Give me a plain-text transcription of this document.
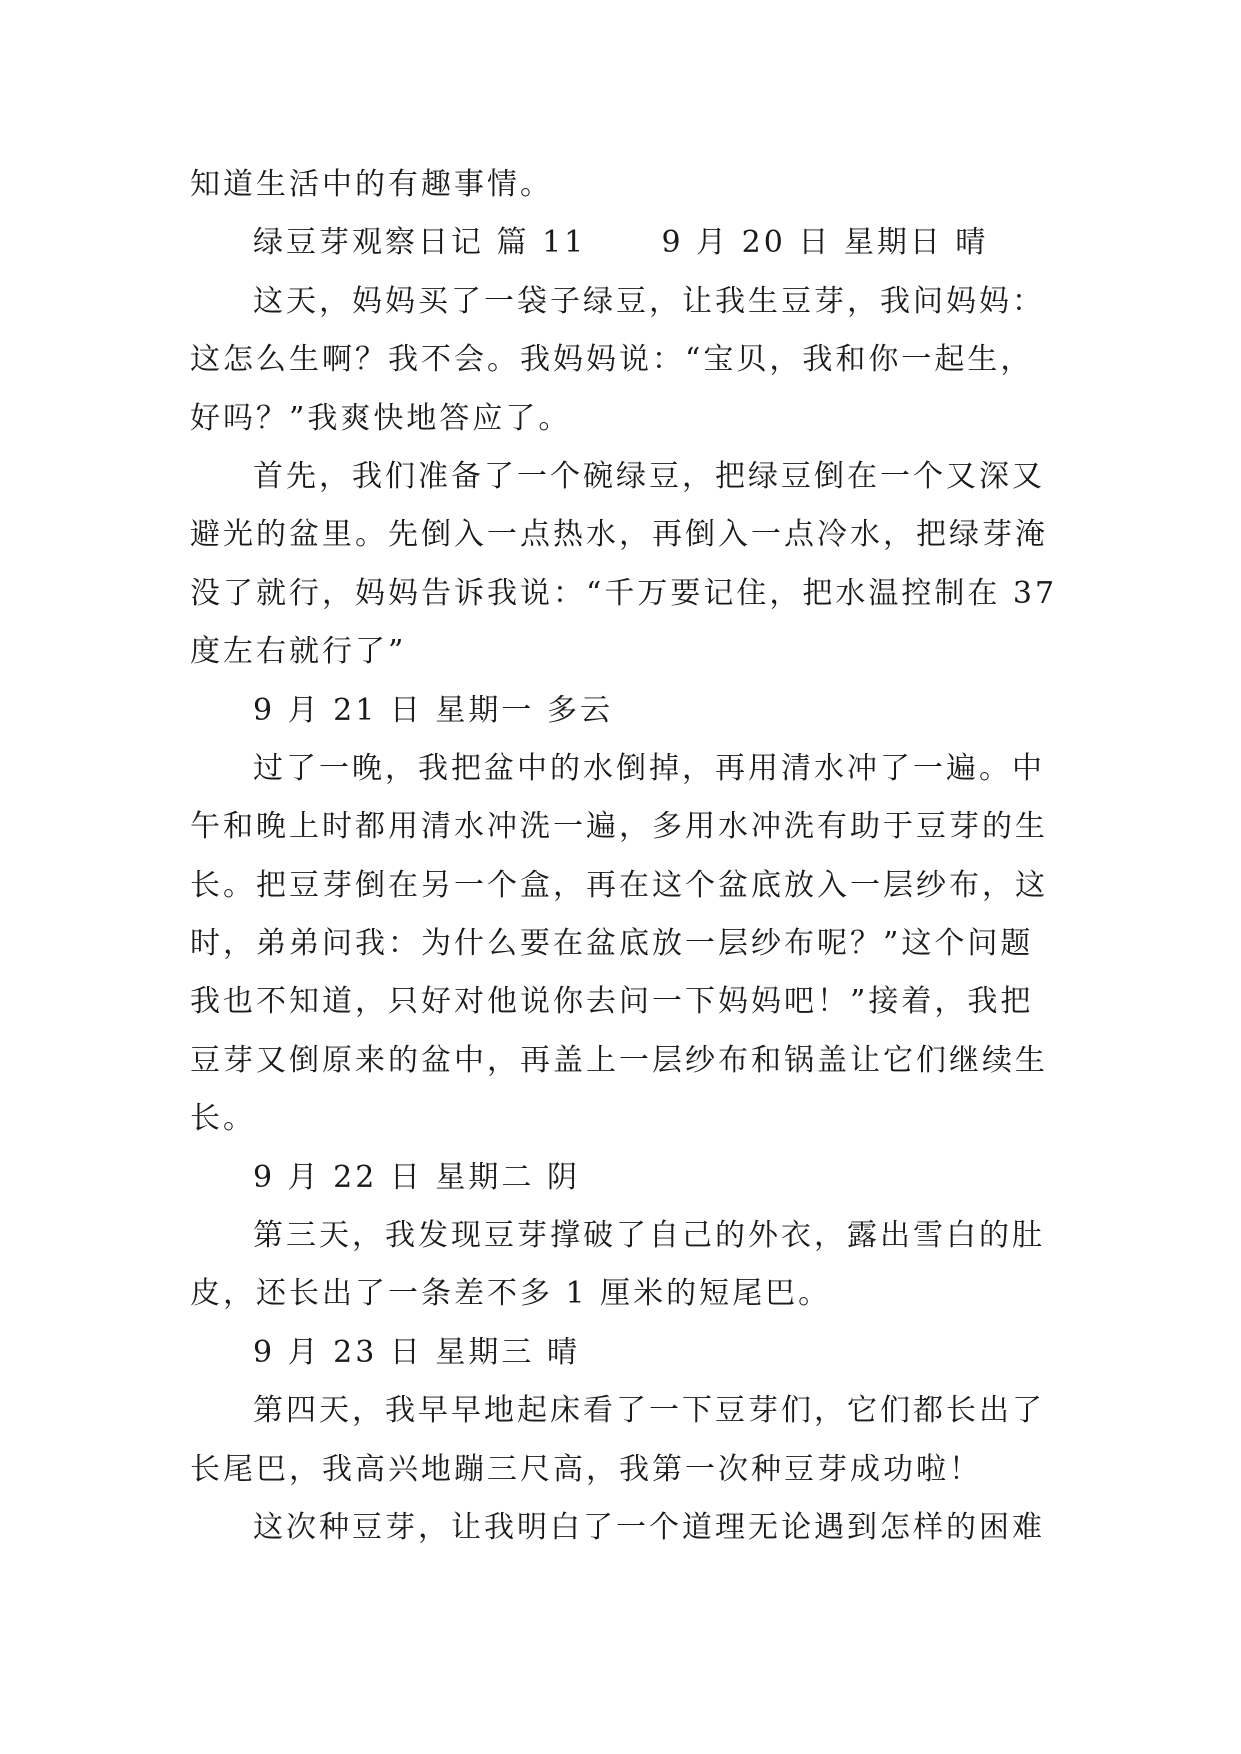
知道生活中的有趣事情。
绿豆芽观察日记 篇 11      9 月 20 日 星期日 晴
这天，妈妈买了一袋子绿豆，让我生豆芽，我问妈妈：
这怎么生啊？我不会。我妈妈说：“宝贝，我和你一起生，
好吗？”我爽快地答应了。
首先，我们准备了一个碗绿豆，把绿豆倒在一个又深又
避光的盆里。先倒入一点热水，再倒入一点冷水，把绿芽淹
没了就行，妈妈告诉我说：“千万要记住，把水温控制在 37
度左右就行了”
9 月 21 日 星期一 多云
过了一晚，我把盆中的水倒掉，再用清水冲了一遍。中
午和晚上时都用清水冲洗一遍，多用水冲洗有助于豆芽的生
长。把豆芽倒在另一个盒，再在这个盆底放入一层纱布，这
时，弟弟问我：为什么要在盆底放一层纱布呢？”这个问题
我也不知道，只好对他说你去问一下妈妈吧！”接着，我把
豆芽又倒原来的盆中，再盖上一层纱布和锅盖让它们继续生
长。
9 月 22 日 星期二 阴
第三天，我发现豆芽撑破了自己的外衣，露出雪白的肚
皮，还长出了一条差不多 1 厘米的短尾巴。
9 月 23 日 星期三 晴
第四天，我早早地起床看了一下豆芽们，它们都长出了
长尾巴，我高兴地蹦三尺高，我第一次种豆芽成功啦！
这次种豆芽，让我明白了一个道理无论遇到怎样的困难
